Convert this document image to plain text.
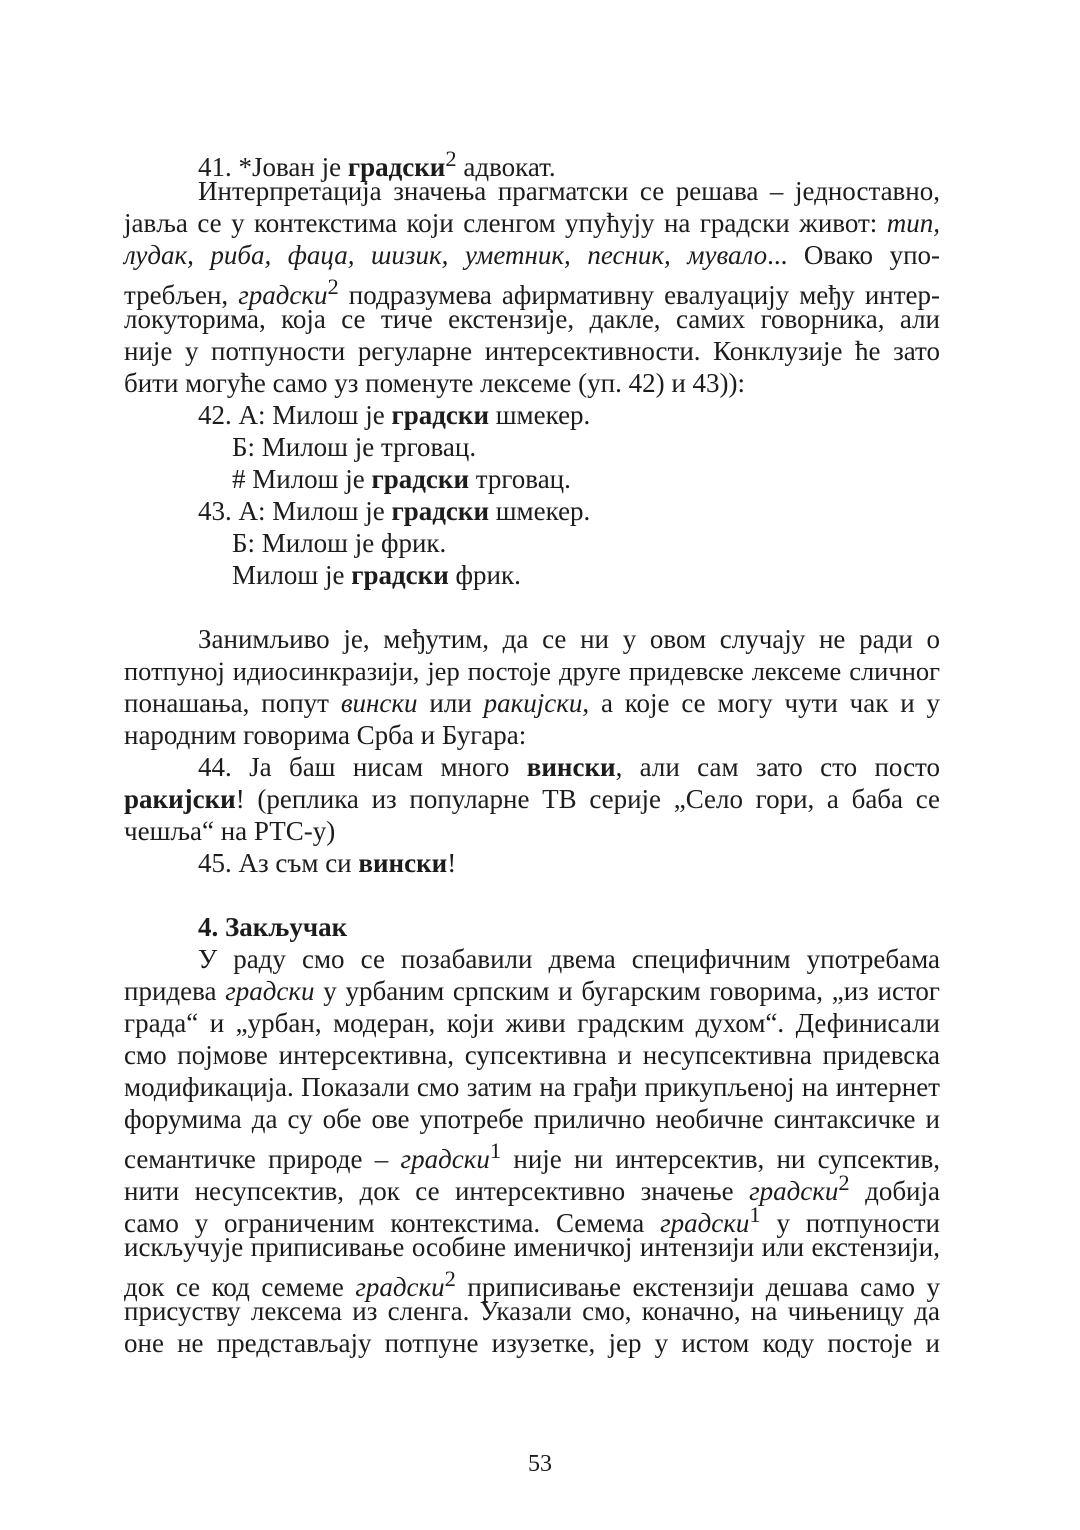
41. *Јован је градски$^2$ адвокат.
Интерпретација значења прагматски се решава – једноставно,
јавља се у контекстима који сленгом упућују на градски живот: тип,
лудак, риба, фаца, шизик, уметник, песник, мувало... Овако упо-
требљен, градски$^2$ подразумева афирмативну евалуацију међу интер-
локуторима, која се тиче екстензије, дакле, самих говорника, али
није у потпуности регуларне интерсективности. Конклузије ће зато
бити могуће само уз поменуте лексеме (уп. 42) и 43)):
42. А: Милош је градски шмекер.
Б: Милош је трговац.
# Милош је градски трговац.
43. А: Милош је градски шмекер.
Б: Милош је фрик.
Милош је градски фрик.
Занимљиво је, међутим, да се ни у овом случају не ради о
потпуној идиосинкразији, јер постоје друге придевске лексеме сличног
понашања, попут вински или ракијски, а које се могу чути чак и у
народним говорима Срба и Бугара:
44. Ја баш нисам много вински, али сам зато сто посто
ракијски! (реплика из популарне ТВ серије „Село гори, а баба се
чешља“ на РТС-у)
45. Аз съм си вински!
4. Закључак
У раду смо се позабавили двема специфичним употребама
придева градски у урбаним српским и бугарским говорима, „из истог
града“ и „урбан, модеран, који живи градским духом“. Дефинисали
смо појмове интерсективна, супсективна и несупсективна придевска
модификација. Показали смо затим на грађи прикупљеној на интернет
форумима да су обе ове употребе прилично необичне синтаксичке и
семантичке природе – градски$^1$ није ни интерсектив, ни супсектив,
нити несупсектив, док се интерсективно значење градски$^2$ добија
само у ограниченим контекстима. Семема градски$^1$ у потпуности
искључује приписивање особине именичкој интензији или екстензији,
док се код семеме градски$^2$ приписивање екстензији дешава само у
присуству лексема из сленга. Указали смо, коначно, на чињеницу да
оне не представљају потпуне изузетке, јер у истом коду постоје и
53
